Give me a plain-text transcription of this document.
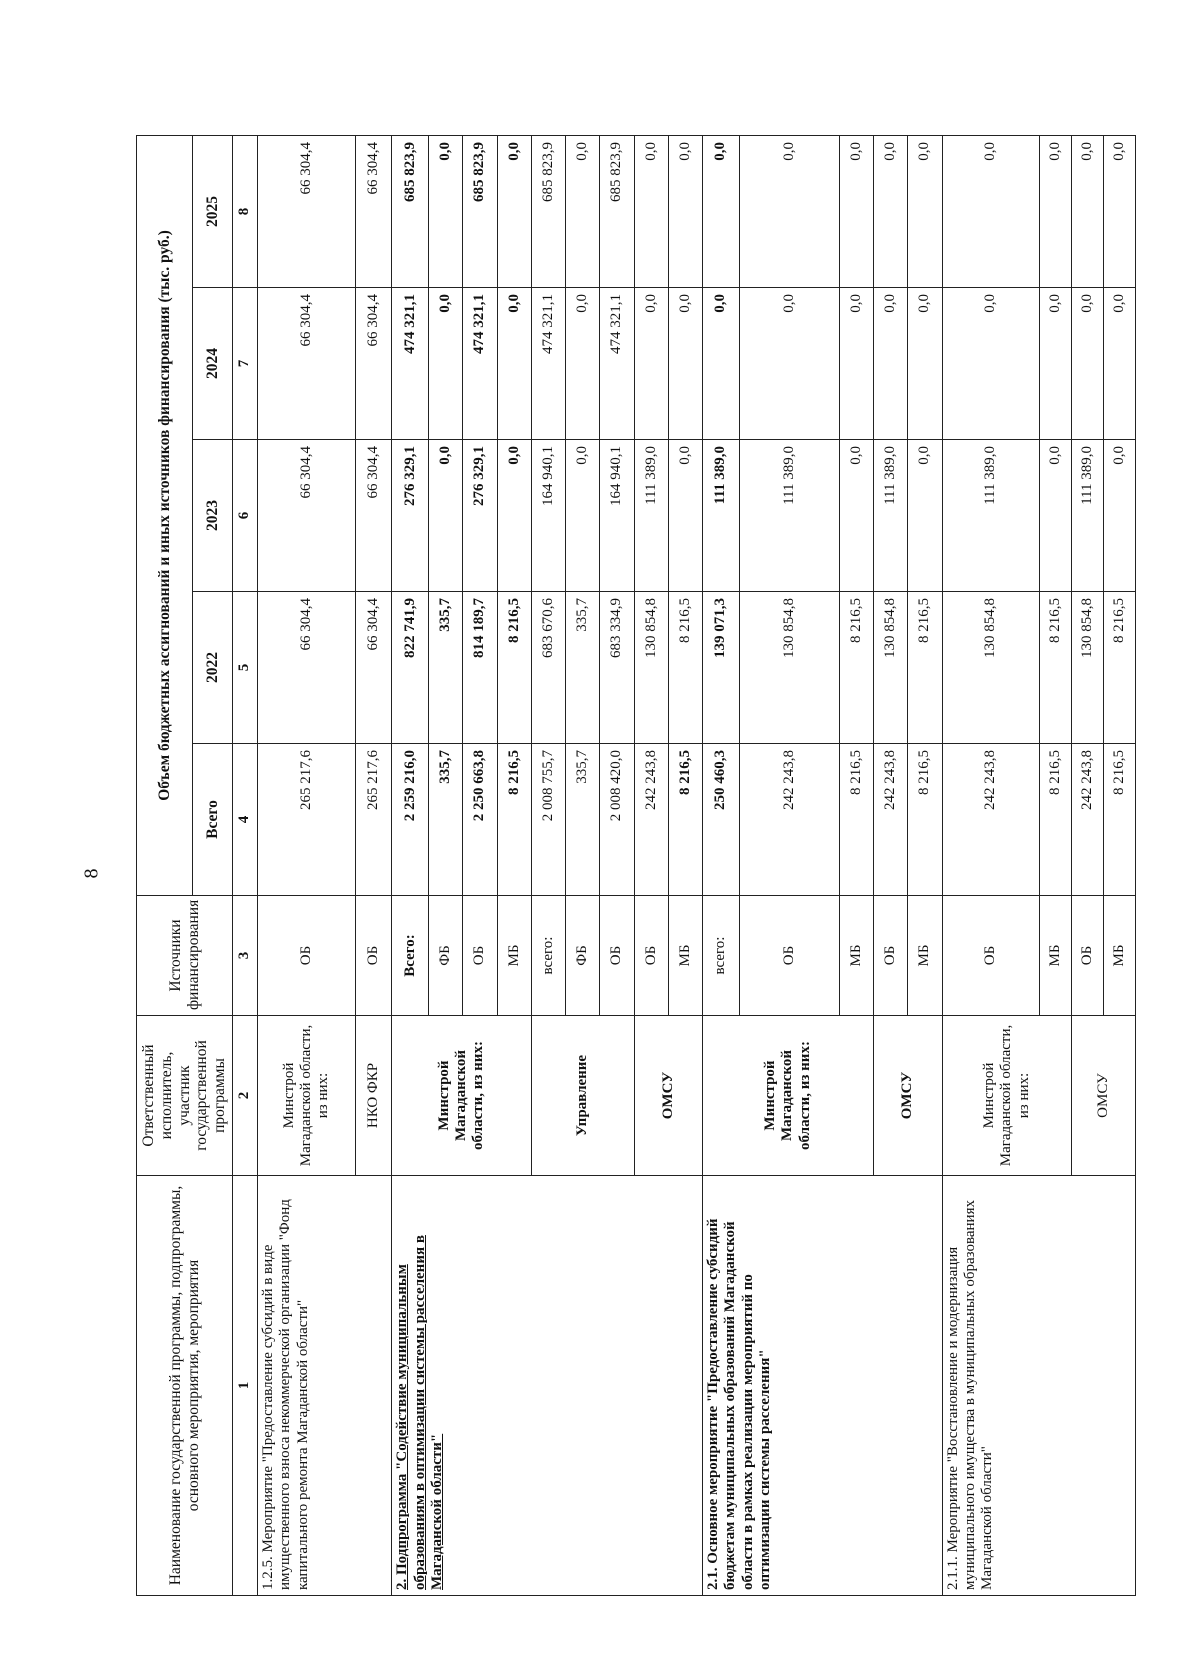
8
Наименование государственной программы, подпрограммы, основного мероприятия, мероприятия	Ответственный исполнитель, участник государственной программы	Источники финансирования	Объем бюджетных ассигнований и иных источников финансирования (тыс. руб.)				
			Всего	2022	2023	2024	2025
1	2	3	4	5	6	7	8
1.2.5. Мероприятие "Предоставление субсидий в виде имущественного взноса некоммерческой организации "Фонд капитального ремонта Магаданской области"	Минстрой Магаданской области, из них:	ОБ	265 217,6	66 304,4	66 304,4	66 304,4	66 304,4
	НКО ФКР	ОБ	265 217,6	66 304,4	66 304,4	66 304,4	66 304,4
2. Подпрограмма "Содействие муниципальным образованиям в оптимизации системы расселения в Магаданской области"	Минстрой Магаданской области, из них:	Всего:	2 259 216,0	822 741,9	276 329,1	474 321,1	685 823,9
		ФБ	335,7	335,7	0,0	0,0	0,0
		ОБ	2 250 663,8	814 189,7	276 329,1	474 321,1	685 823,9
		МБ	8 216,5	8 216,5	0,0	0,0	0,0
	Управление	всего:	2 008 755,7	683 670,6	164 940,1	474 321,1	685 823,9
		ФБ	335,7	335,7	0,0	0,0	0,0
		ОБ	2 008 420,0	683 334,9	164 940,1	474 321,1	685 823,9
	ОМСУ	ОБ	242 243,8	130 854,8	111 389,0	0,0	0,0
		МБ	8 216,5	8 216,5	0,0	0,0	0,0
2.1. Основное мероприятие "Предоставление субсидий бюджетам муниципальных образований Магаданской области в рамках реализации мероприятий по оптимизации системы расселения"	Минстрой Магаданской области, из них:	всего:	250 460,3	139 071,3	111 389,0	0,0	0,0
		ОБ	242 243,8	130 854,8	111 389,0	0,0	0,0
		МБ	8 216,5	8 216,5	0,0	0,0	0,0
	ОМСУ	ОБ	242 243,8	130 854,8	111 389,0	0,0	0,0
		МБ	8 216,5	8 216,5	0,0	0,0	0,0
2.1.1. Мероприятие "Восстановление и модернизация муниципального имущества в муниципальных образованиях Магаданской области"	Минстрой Магаданской области, из них:	ОБ	242 243,8	130 854,8	111 389,0	0,0	0,0
		МБ	8 216,5	8 216,5	0,0	0,0	0,0
	ОМСУ	ОБ	242 243,8	130 854,8	111 389,0	0,0	0,0
		МБ	8 216,5	8 216,5	0,0	0,0	0,0
